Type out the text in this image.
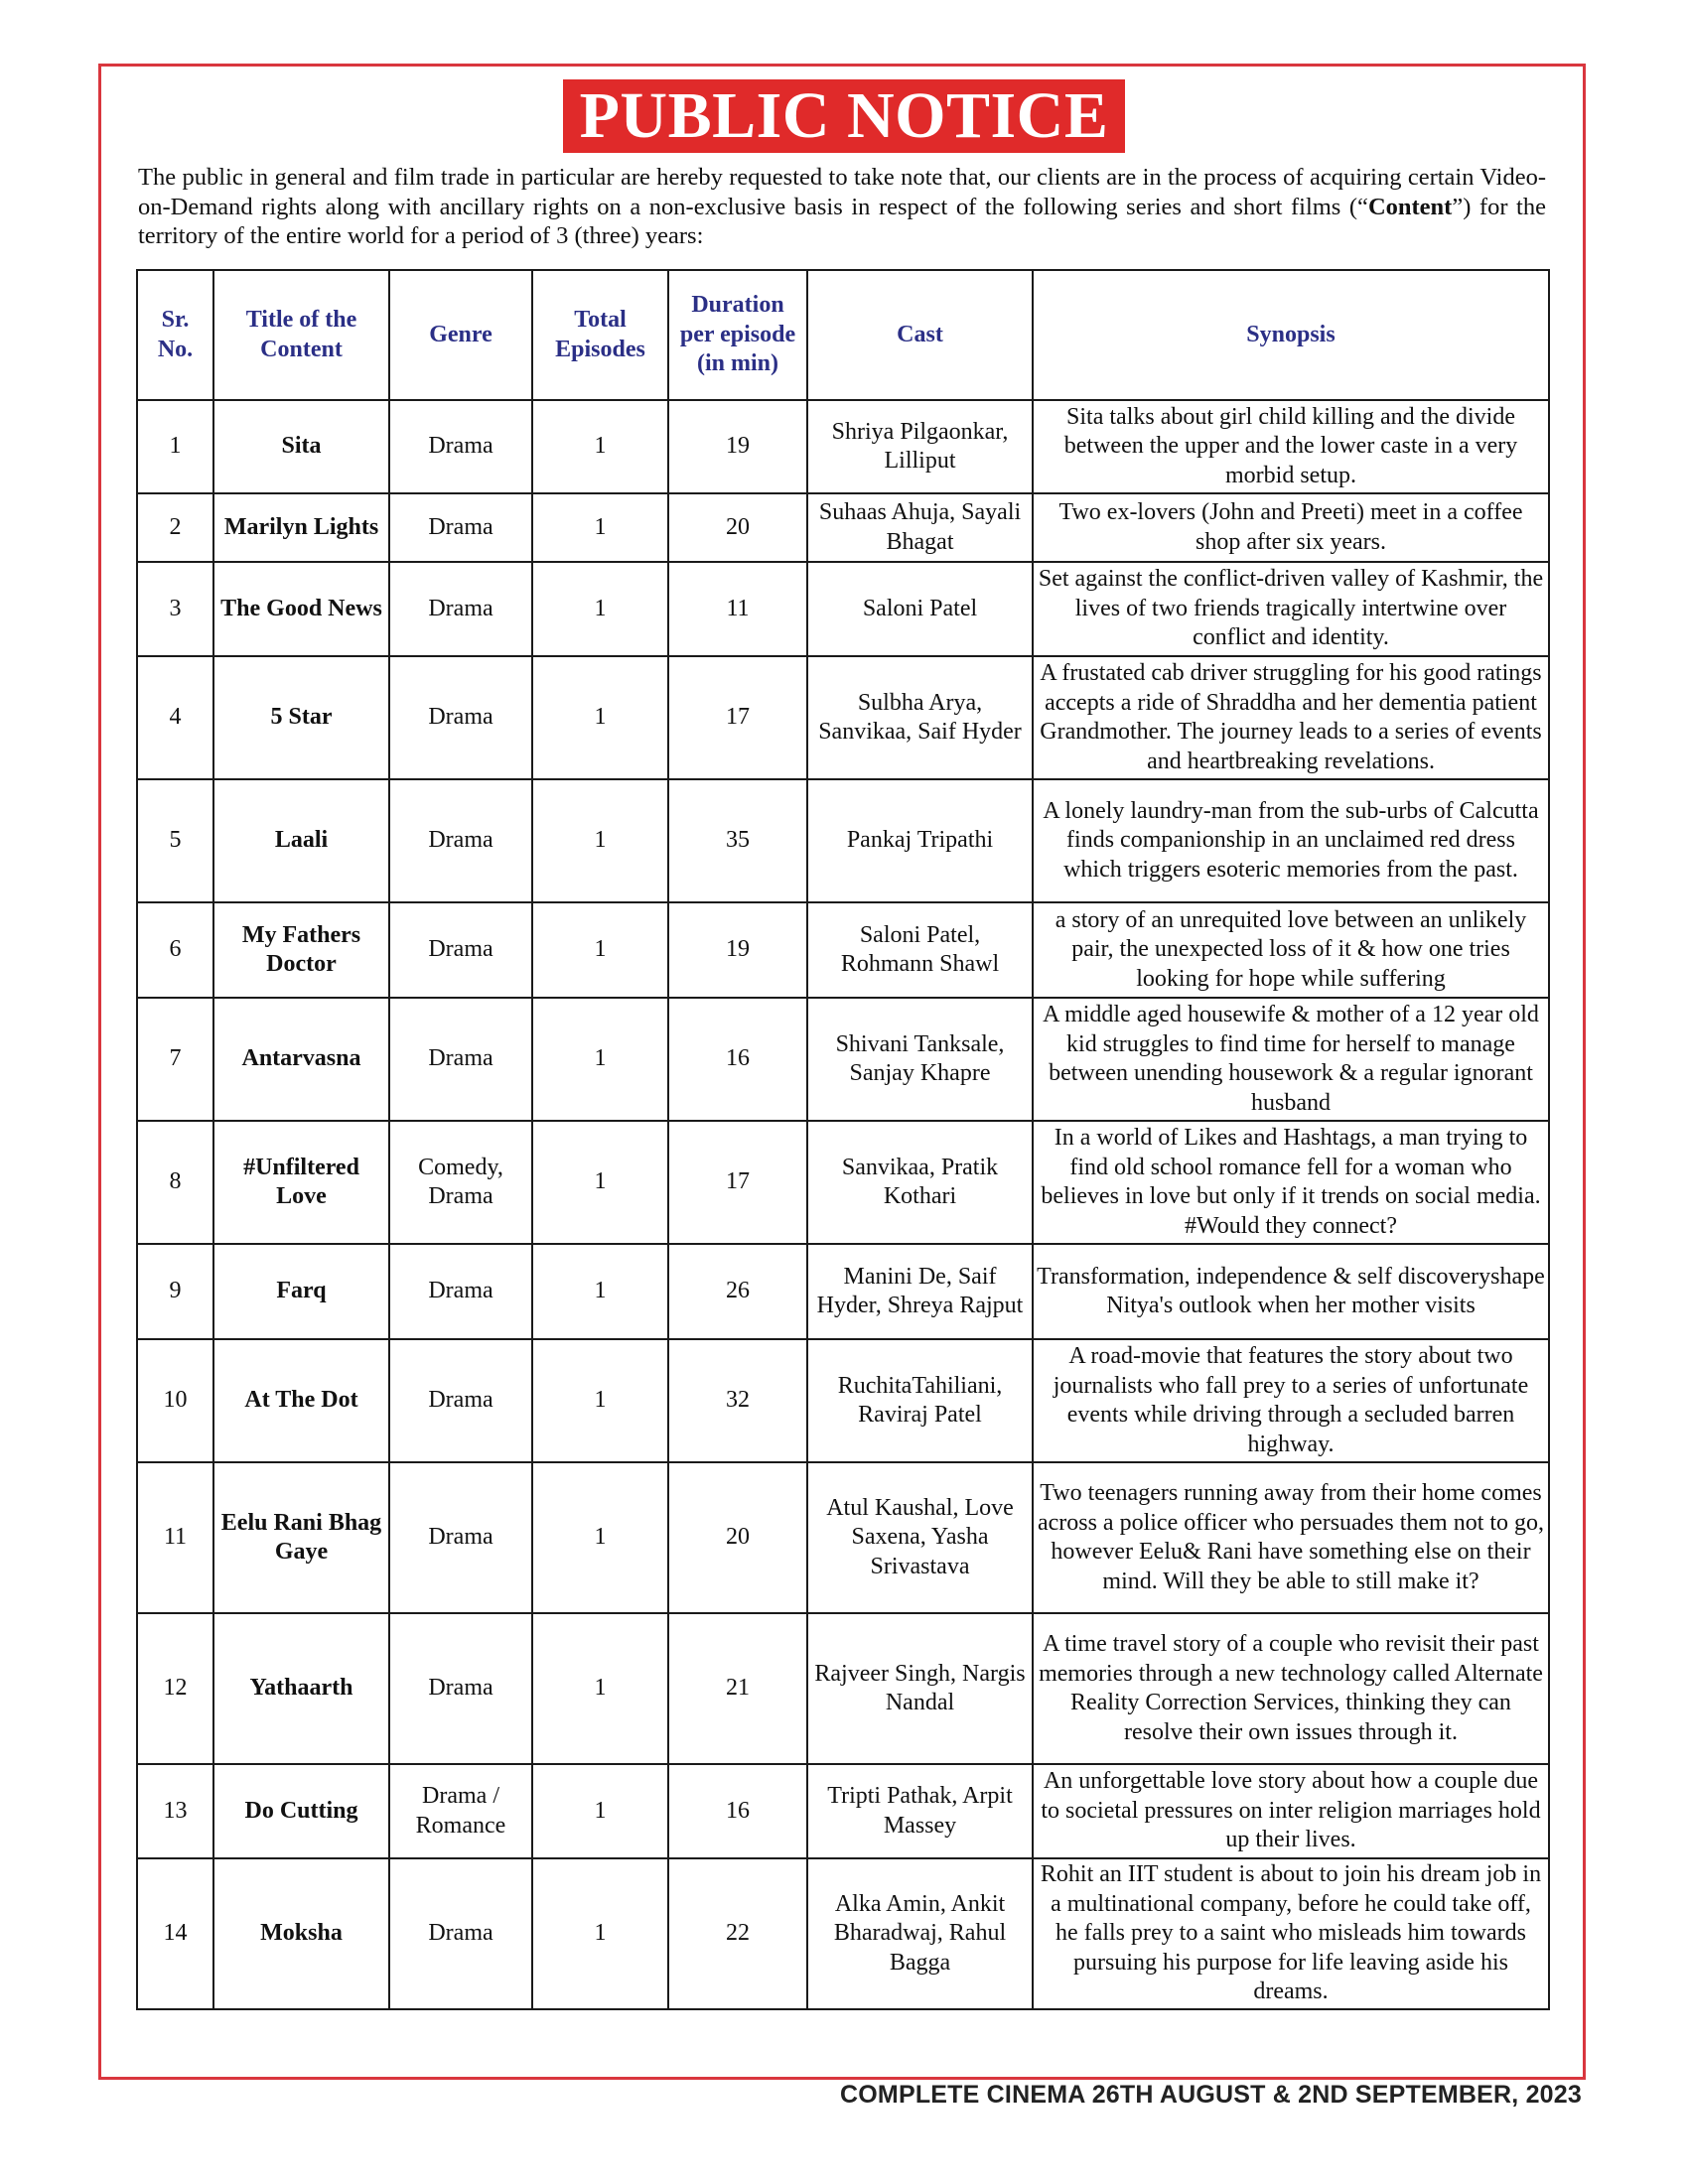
PUBLIC NOTICE

The public in general and film trade in particular are hereby requested to take note that, our clients are in the process of acquiring certain Video-on-Demand rights along with ancillary rights on a non-exclusive basis in respect of the following series and short films (“Content”) for the territory of the entire world for a period of 3 (three) years:

Sr. No.	Title of the Content	Genre	Total Episodes	Duration per episode (in min)	Cast	Synopsis
1	Sita	Drama	1	19	Shriya Pilgaonkar, Lilliput	Sita talks about girl child killing and the divide between the upper and the lower caste in a very morbid setup.
2	Marilyn Lights	Drama	1	20	Suhaas Ahuja, Sayali Bhagat	Two ex-lovers (John and Preeti) meet in a coffee shop after six years.
3	The Good News	Drama	1	11	Saloni Patel	Set against the conflict-driven valley of Kashmir, the lives of two friends tragically intertwine over conflict and identity.
4	5 Star	Drama	1	17	Sulbha Arya, Sanvikaa, Saif Hyder	A frustated cab driver struggling for his good ratings accepts a ride of Shraddha and her dementia patient Grandmother. The journey leads to a series of events and heartbreaking revelations.
5	Laali	Drama	1	35	Pankaj Tripathi	A lonely laundry-man from the sub-urbs of Calcutta finds companionship in an unclaimed red dress which triggers esoteric memories from the past.
6	My Fathers Doctor	Drama	1	19	Saloni Patel, Rohmann Shawl	a story of an unrequited love between an unlikely pair, the unexpected loss of it & how one tries looking for hope while suffering
7	Antarvasna	Drama	1	16	Shivani Tanksale, Sanjay Khapre	A middle aged housewife & mother of a 12 year old kid struggles to find time for herself to manage between unending housework & a regular ignorant husband
8	#Unfiltered Love	Comedy, Drama	1	17	Sanvikaa, Pratik Kothari	In a world of Likes and Hashtags, a man trying to find old school romance fell for a woman who believes in love but only if it trends on social media. #Would they connect?
9	Farq	Drama	1	26	Manini De, Saif Hyder, Shreya Rajput	Transformation, independence & self discoveryshape Nitya's outlook when her mother visits
10	At The Dot	Drama	1	32	RuchitaTahiliani, Raviraj Patel	A road-movie that features the story about two journalists who fall prey to a series of unfortunate events while driving through a secluded barren highway.
11	Eelu Rani Bhag Gaye	Drama	1	20	Atul Kaushal, Love Saxena, Yasha Srivastava	Two teenagers running away from their home comes across a police officer who persuades them not to go, however Eelu& Rani have something else on their mind. Will they be able to still make it?
12	Yathaarth	Drama	1	21	Rajveer Singh, Nargis Nandal	A time travel story of a couple who revisit their past memories through a new technology called Alternate Reality Correction Services, thinking they can resolve their own issues through it.
13	Do Cutting	Drama / Romance	1	16	Tripti Pathak, Arpit Massey	An unforgettable love story about how a couple due to societal pressures on inter religion marriages hold up their lives.
14	Moksha	Drama	1	22	Alka Amin, Ankit Bharadwaj, Rahul Bagga	Rohit an IIT student is about to join his dream job in a multinational company, before he could take off, he falls prey to a saint who misleads him towards pursuing his purpose for life leaving aside his dreams.
COMPLETE CINEMA 26TH AUGUST & 2ND SEPTEMBER, 2023
